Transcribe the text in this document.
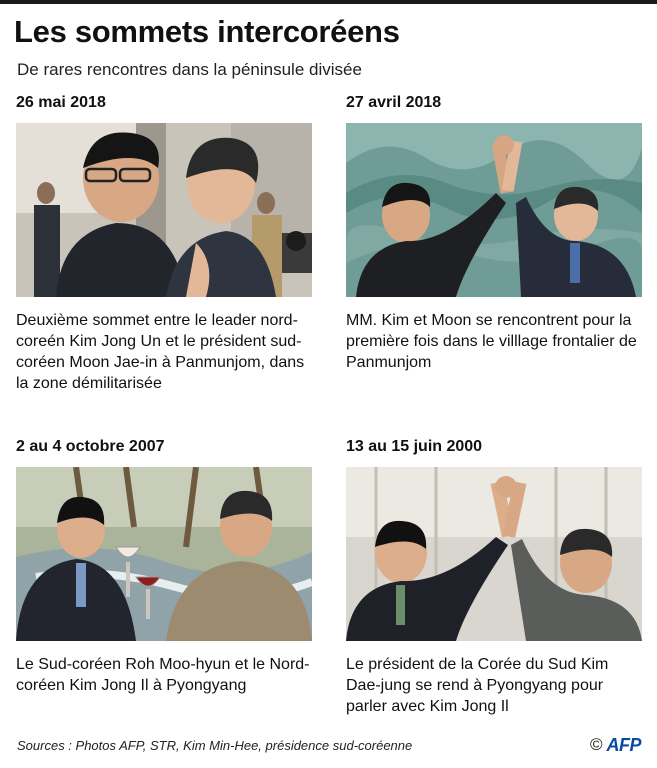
Les sommets intercoréens

De rares rencontres dans la péninsule divisée

26 mai 2018

Deuxième sommet entre le leader nord-coreén Kim Jong Un et le président sud-coréen Moon Jae-in à Panmunjom, dans la zone démilitarisée

27 avril 2018

MM. Kim et Moon se rencontrent pour la première fois dans le villlage frontalier de Panmunjom

2 au 4 octobre 2007

Le Sud-coréen Roh Moo-hyun et le Nord-coréen Kim Jong Il à Pyongyang

13 au 15 juin 2000

Le président de la Corée du Sud Kim Dae-jung se rend à Pyongyang pour parler avec Kim Jong Il

Sources : Photos AFP, STR, Kim Min-Hee, présidence sud-coréenne	© AFP
